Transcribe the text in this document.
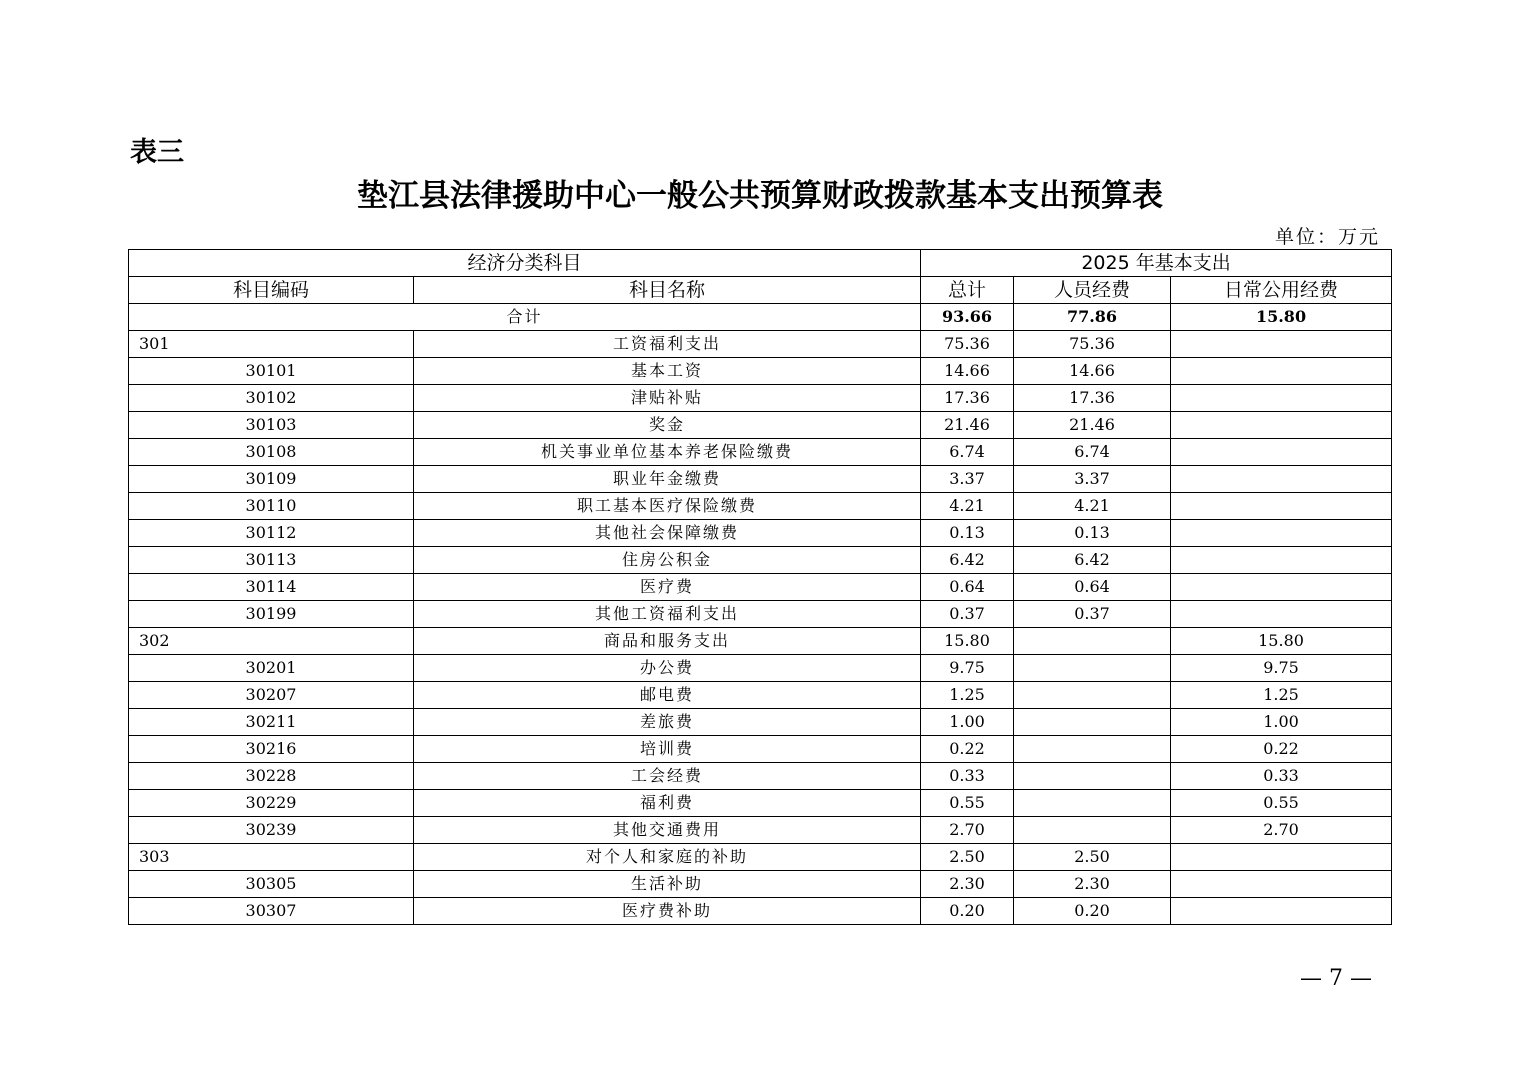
表三
垫江县法律援助中心一般公共预算财政拨款基本支出预算表
单位：万元
经济分类科目		2025 年基本支出		
科目编码	科目名称	总计	人员经费	日常公用经费
合计		93.66	77.86	15.80
301	工资福利支出	75.36	75.36	
30101	基本工资	14.66	14.66	
30102	津贴补贴	17.36	17.36	
30103	奖金	21.46	21.46	
30108	机关事业单位基本养老保险缴费	6.74	6.74	
30109	职业年金缴费	3.37	3.37	
30110	职工基本医疗保险缴费	4.21	4.21	
30112	其他社会保障缴费	0.13	0.13	
30113	住房公积金	6.42	6.42	
30114	医疗费	0.64	0.64	
30199	其他工资福利支出	0.37	0.37	
302	商品和服务支出	15.80		15.80
30201	办公费	9.75		9.75
30207	邮电费	1.25		1.25
30211	差旅费	1.00		1.00
30216	培训费	0.22		0.22
30228	工会经费	0.33		0.33
30229	福利费	0.55		0.55
30239	其他交通费用	2.70		2.70
303	对个人和家庭的补助	2.50	2.50	
30305	生活补助	2.30	2.30	
30307	医疗费补助	0.20	0.20	
— 7 —
